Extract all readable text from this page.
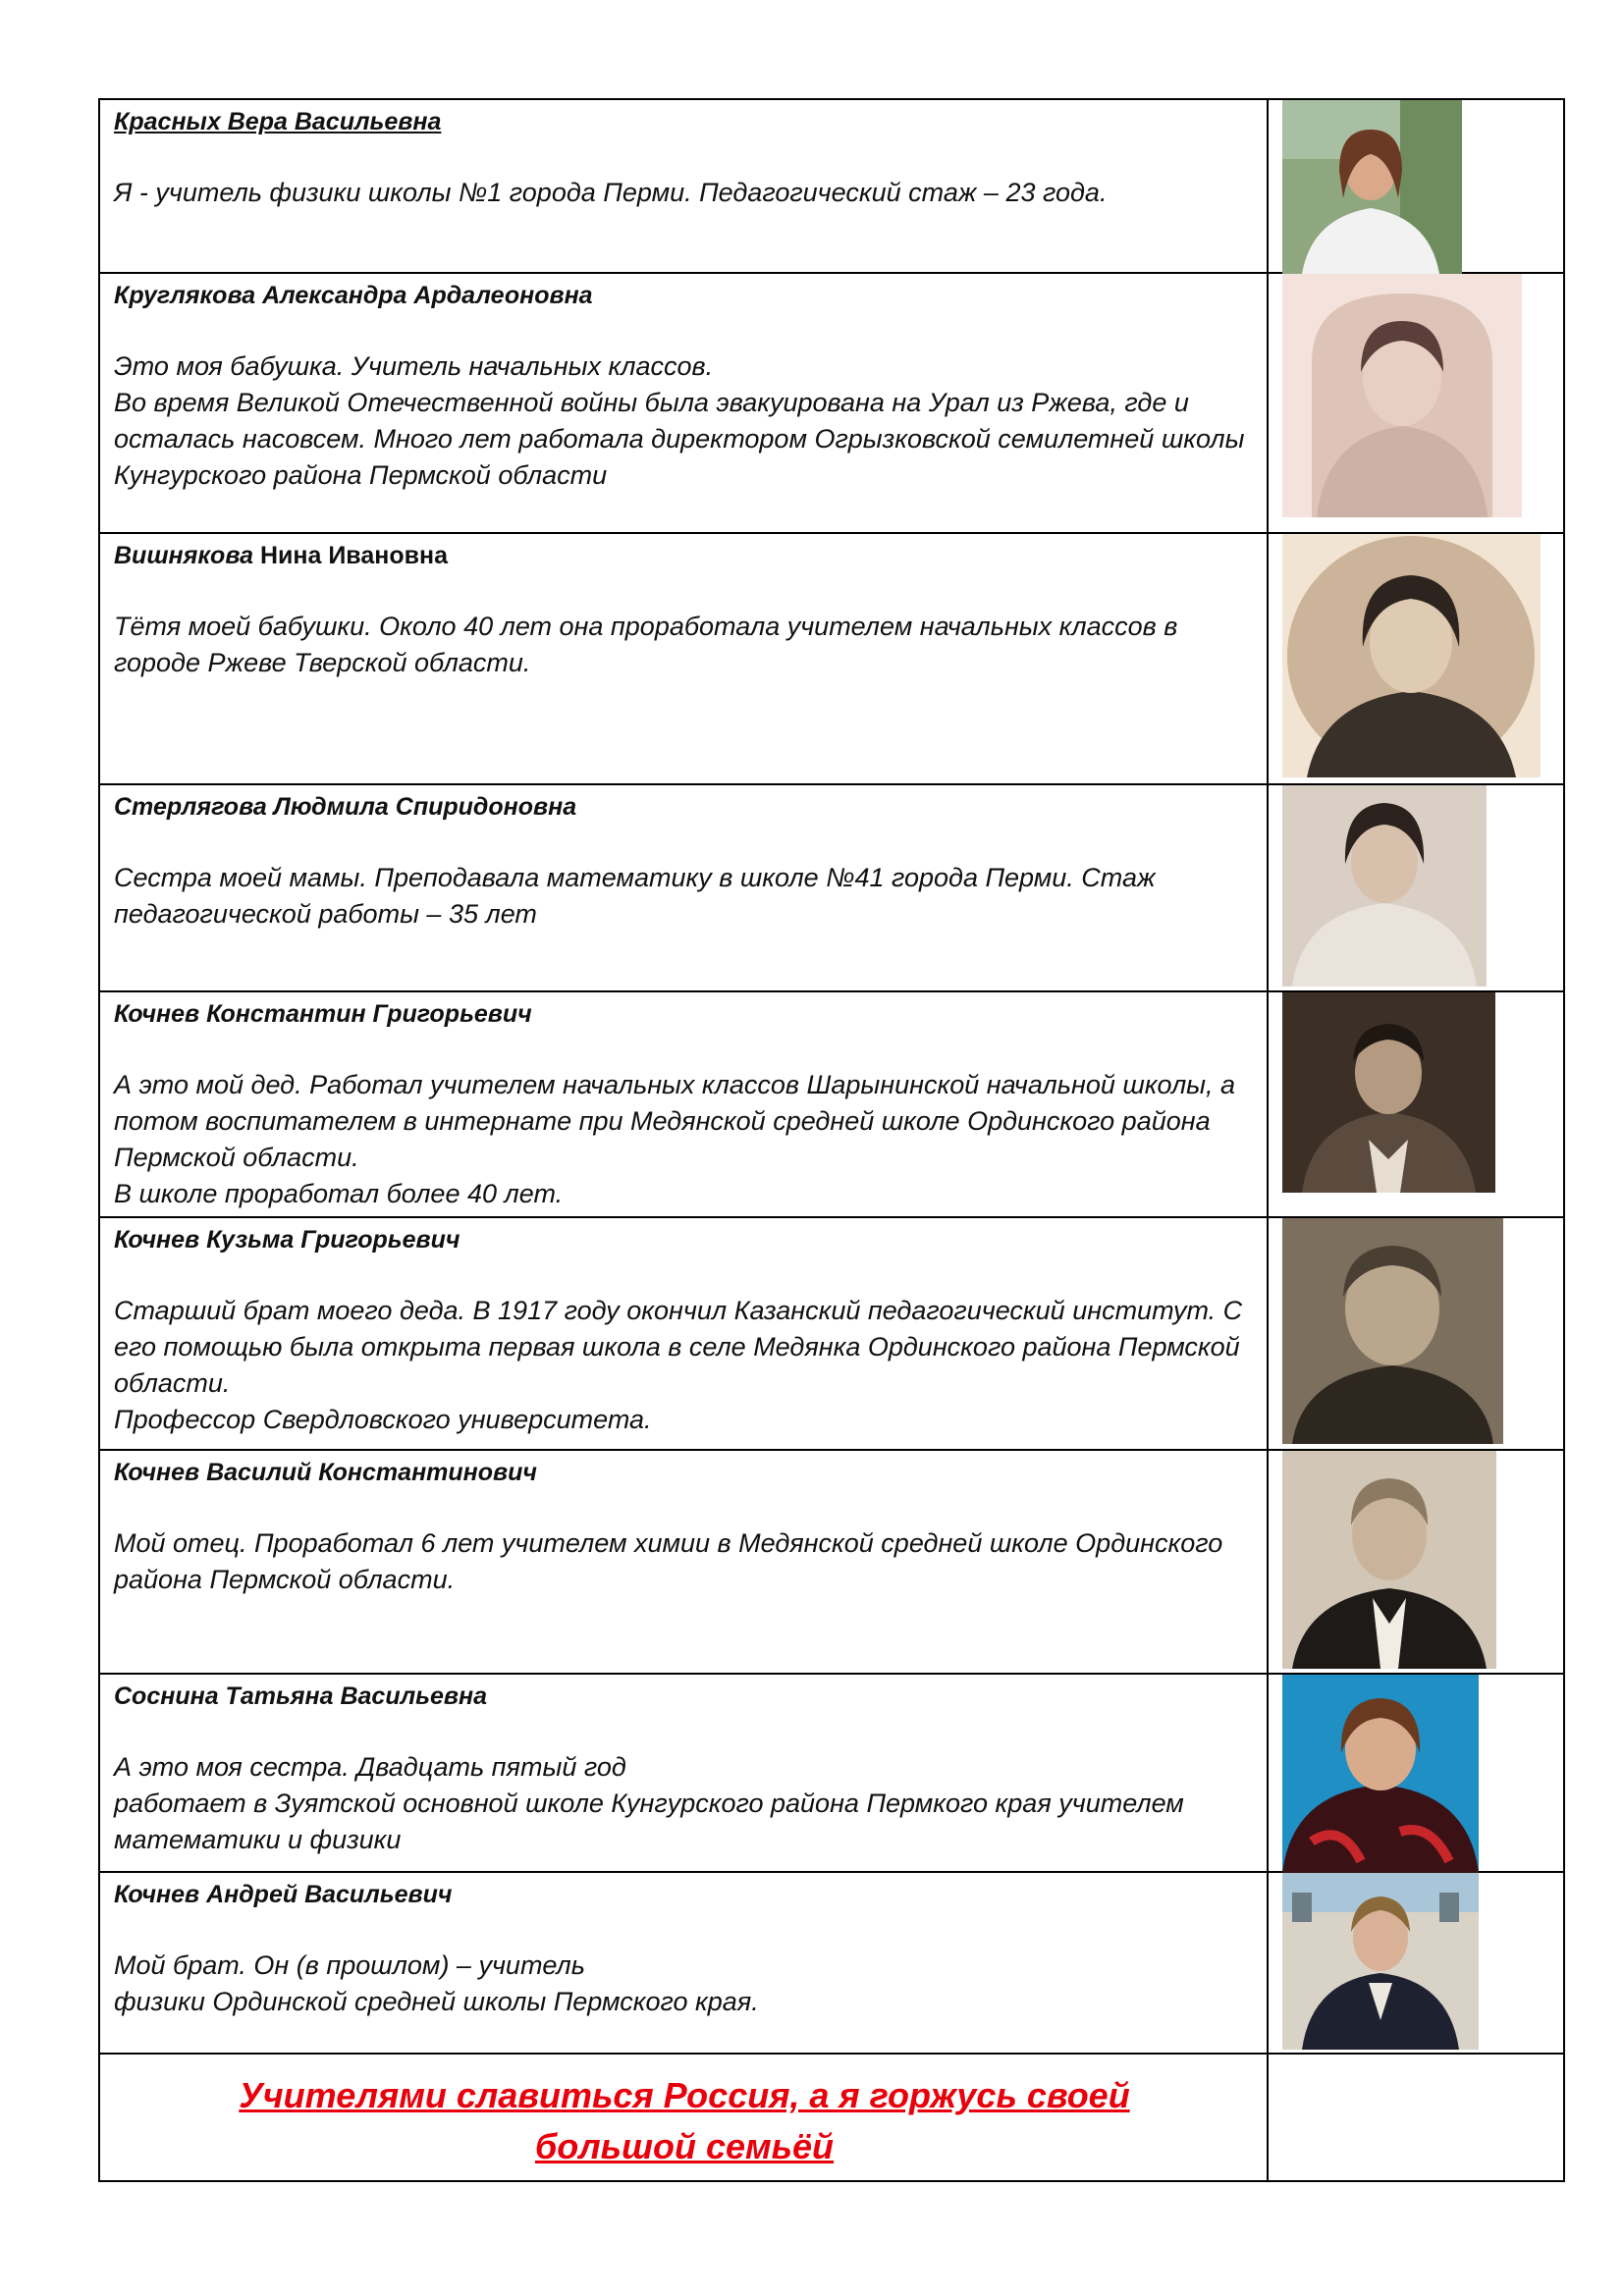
Красных Вера Васильевна
Я - учитель физики школы №1 города Перми. Педагогический стаж – 23 года.

Круглякова Александра Ардалеоновна
Это моя бабушка. Учитель начальных классов.
Во время Великой Отечественной войны была эвакуирована на Урал из Ржева, где и осталась насовсем. Много лет работала директором Огрызковской семилетней школы Кунгурского района Пермской области

Вишнякова Нина Ивановна
Тётя моей бабушки. Около 40 лет она проработала учителем начальных классов в городе Ржеве Тверской области.

Стерлягова Людмила Спиридоновна
Сестра моей мамы. Преподавала математику в школе №41 города Перми. Стаж педагогической работы – 35 лет

Кочнев Константин Григорьевич
А это мой дед. Работал учителем начальных классов Шарынинской начальной школы, а потом воспитателем в интернате при Медянской средней школе Ординского района Пермской области.
В школе проработал более 40 лет.

Кочнев Кузьма Григорьевич
Старший брат моего деда. В 1917 году окончил Казанский педагогический институт. С его помощью была открыта первая школа в селе Медянка Ординского района Пермской области.
Профессор Свердловского университета.

Кочнев Василий Константинович
Мой отец. Проработал 6 лет учителем химии в Медянской средней школе Ординского района Пермской области.

Соснина Татьяна Васильевна
А это моя сестра. Двадцать пятый год
работает в Зуятской основной школе Кунгурского района Пермкого края учителем математики и физики

Кочнев Андрей Васильевич
Мой брат. Он (в прошлом) – учитель
физики Ординской средней школы Пермского края.

Учителями славиться Россия, а я горжусь своей
большой семьёй	
